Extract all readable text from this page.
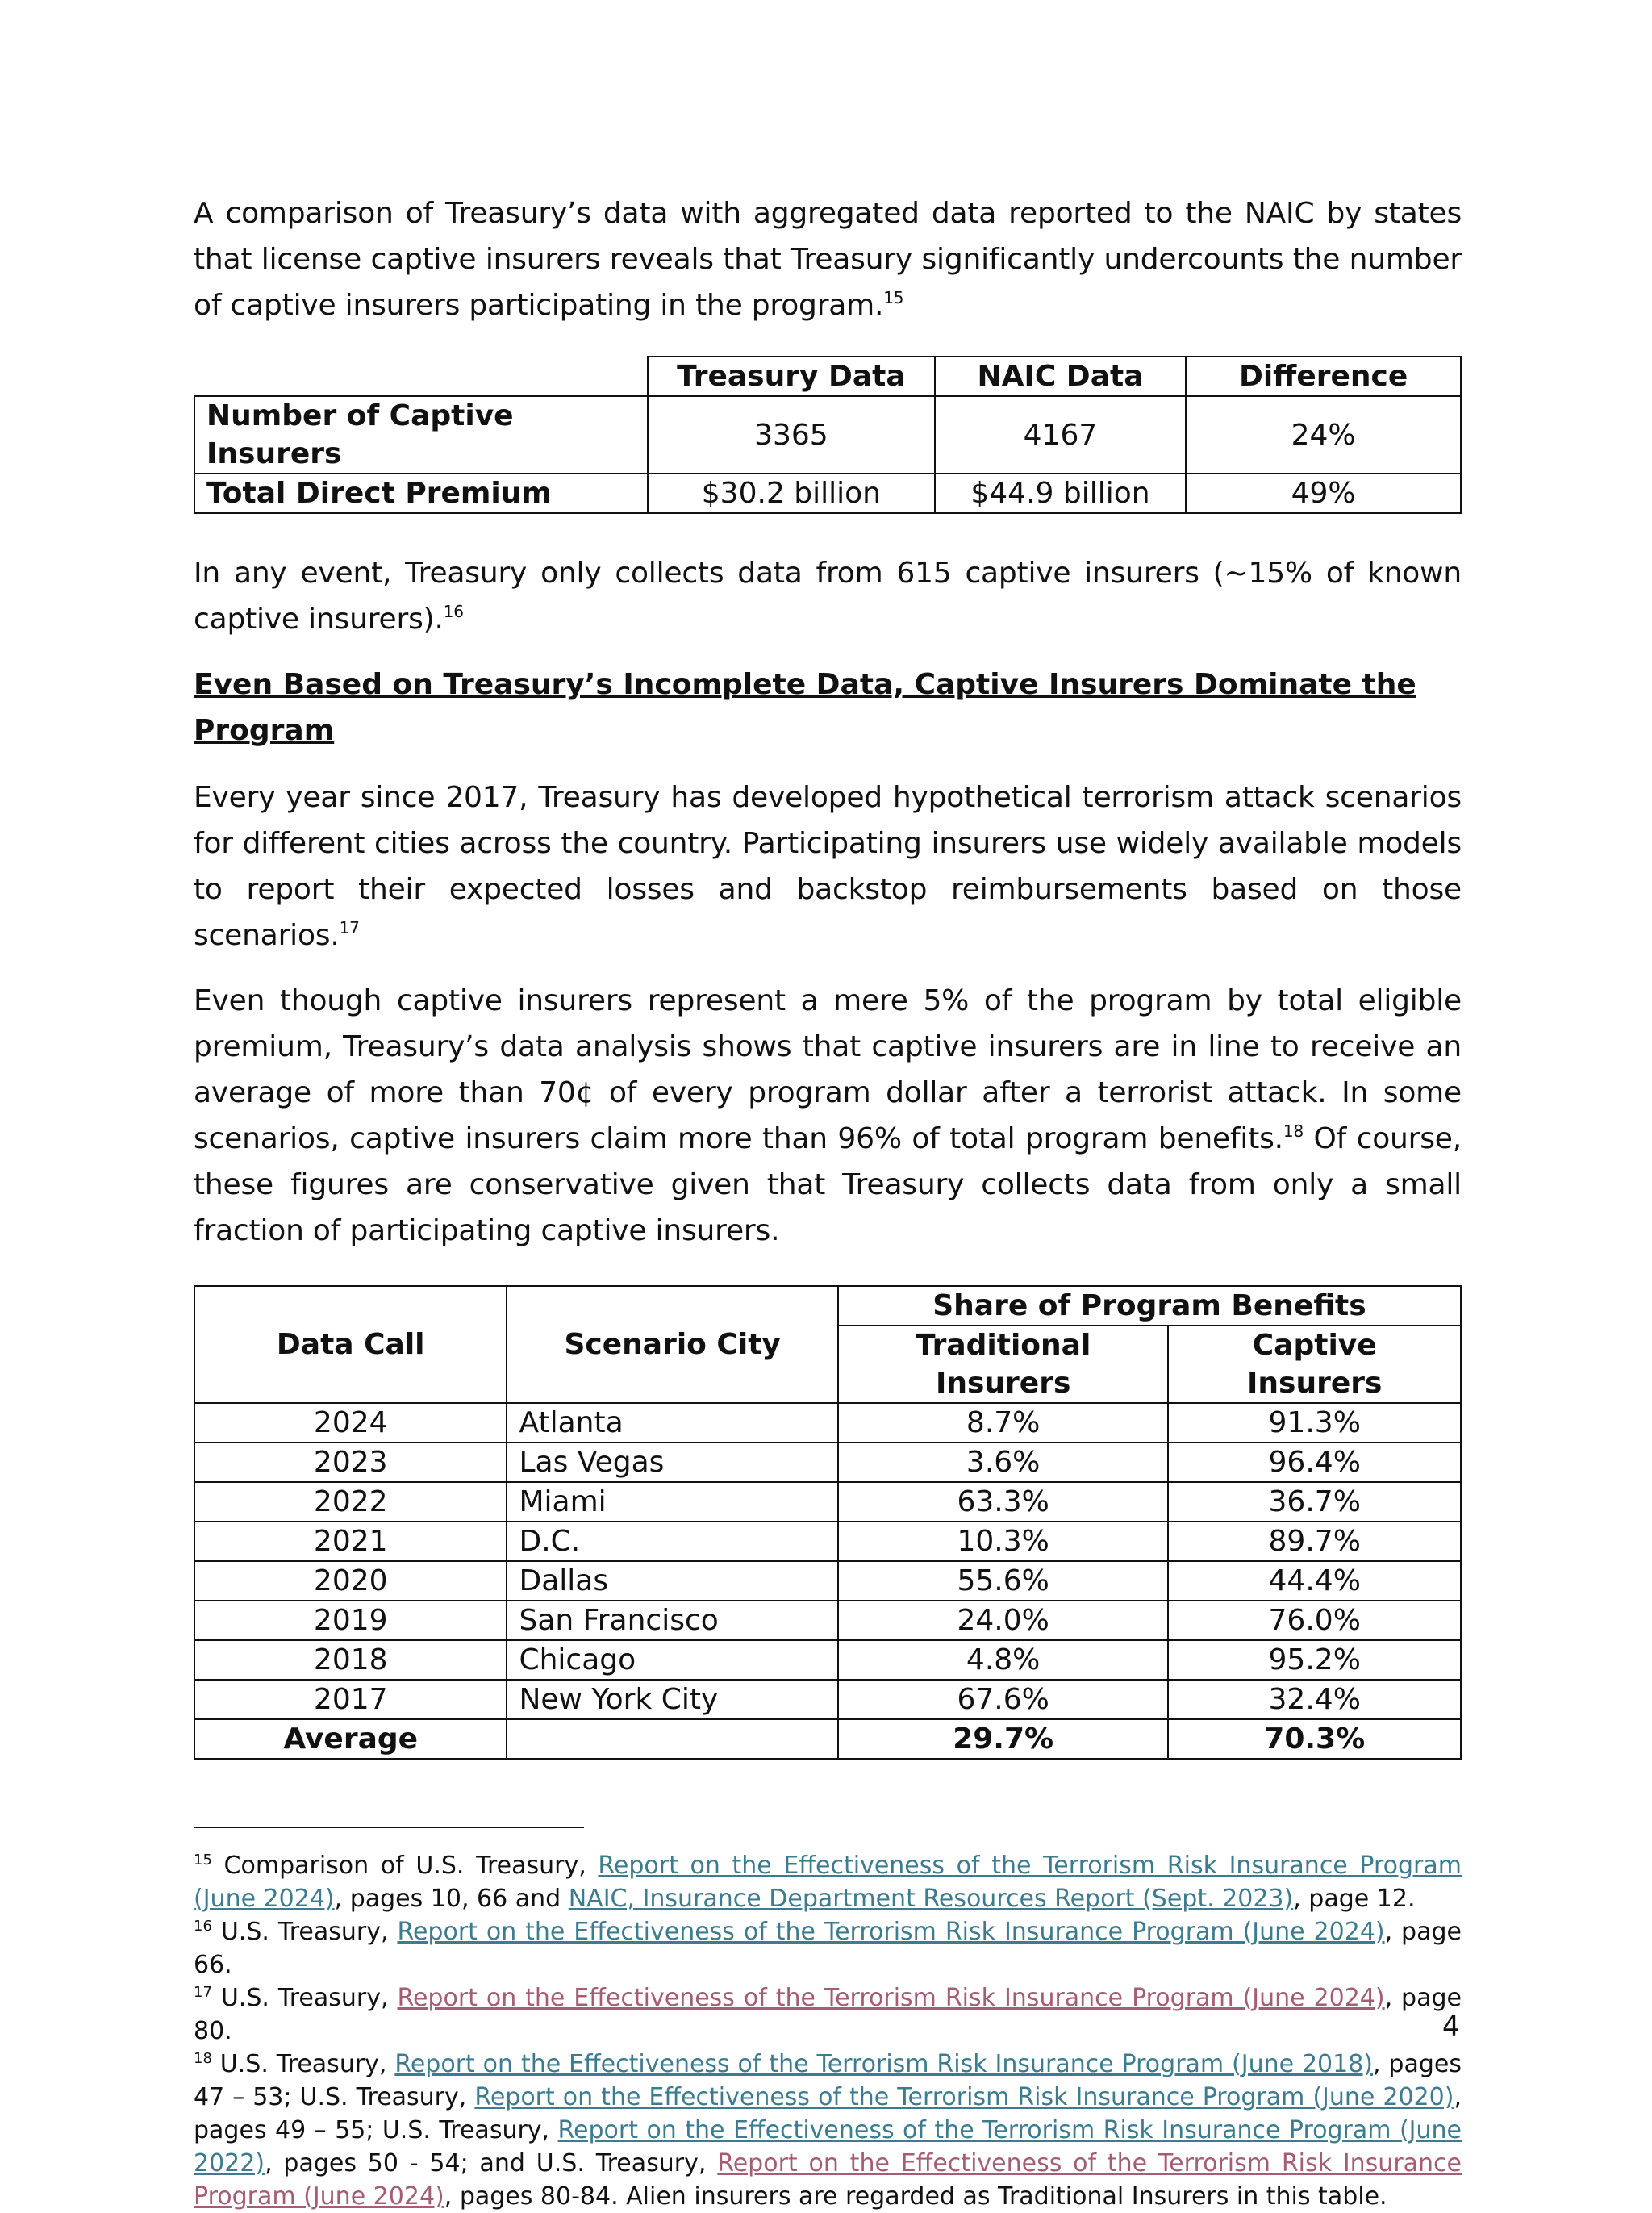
A comparison of Treasury’s data with aggregated data reported to the NAIC by states that license captive insurers reveals that Treasury significantly undercounts the number of captive insurers participating in the program.$^{15}$

	Treasury Data	NAIC Data	Difference
Number of Captive Insurers	3365	4167	24%
Total Direct Premium	$30.2 billion	$44.9 billion	49%

In any event, Treasury only collects data from 615 captive insurers (~15% of known captive insurers).$^{16}$

Even Based on Treasury’s Incomplete Data, Captive Insurers Dominate the Program

Every year since 2017, Treasury has developed hypothetical terrorism attack scenarios for different cities across the country. Participating insurers use widely available models to report their expected losses and backstop reimbursements based on those scenarios.$^{17}$

Even though captive insurers represent a mere 5% of the program by total eligible premium, Treasury’s data analysis shows that captive insurers are in line to receive an average of more than 70¢ of every program dollar after a terrorist attack. In some scenarios, captive insurers claim more than 96% of total program benefits.$^{18}$ Of course, these figures are conservative given that Treasury collects data from only a small fraction of participating captive insurers.

Data Call	Scenario City	Share of Program Benefits	
		Traditional Insurers	Captive Insurers
2024	Atlanta	8.7%	91.3%
2023	Las Vegas	3.6%	96.4%
2022	Miami	63.3%	36.7%
2021	D.C.	10.3%	89.7%
2020	Dallas	55.6%	44.4%
2019	San Francisco	24.0%	76.0%
2018	Chicago	4.8%	95.2%
2017	New York City	67.6%	32.4%
Average		29.7%	70.3%

$^{15}$ Comparison of U.S. Treasury, Report on the Effectiveness of the Terrorism Risk Insurance Program (June 2024), pages 10, 66 and NAIC, Insurance Department Resources Report (Sept. 2023), page 12.

$^{16}$ U.S. Treasury, Report on the Effectiveness of the Terrorism Risk Insurance Program (June 2024), page 66.

$^{17}$ U.S. Treasury, Report on the Effectiveness of the Terrorism Risk Insurance Program (June 2024), page 80.

$^{18}$ U.S. Treasury, Report on the Effectiveness of the Terrorism Risk Insurance Program (June 2018), pages 47 – 53; U.S. Treasury, Report on the Effectiveness of the Terrorism Risk Insurance Program (June 2020), pages 49 – 55; U.S. Treasury, Report on the Effectiveness of the Terrorism Risk Insurance Program (June 2022), pages 50 - 54; and U.S. Treasury, Report on the Effectiveness of the Terrorism Risk Insurance Program (June 2024), pages 80-84. Alien insurers are regarded as Traditional Insurers in this table.

4
